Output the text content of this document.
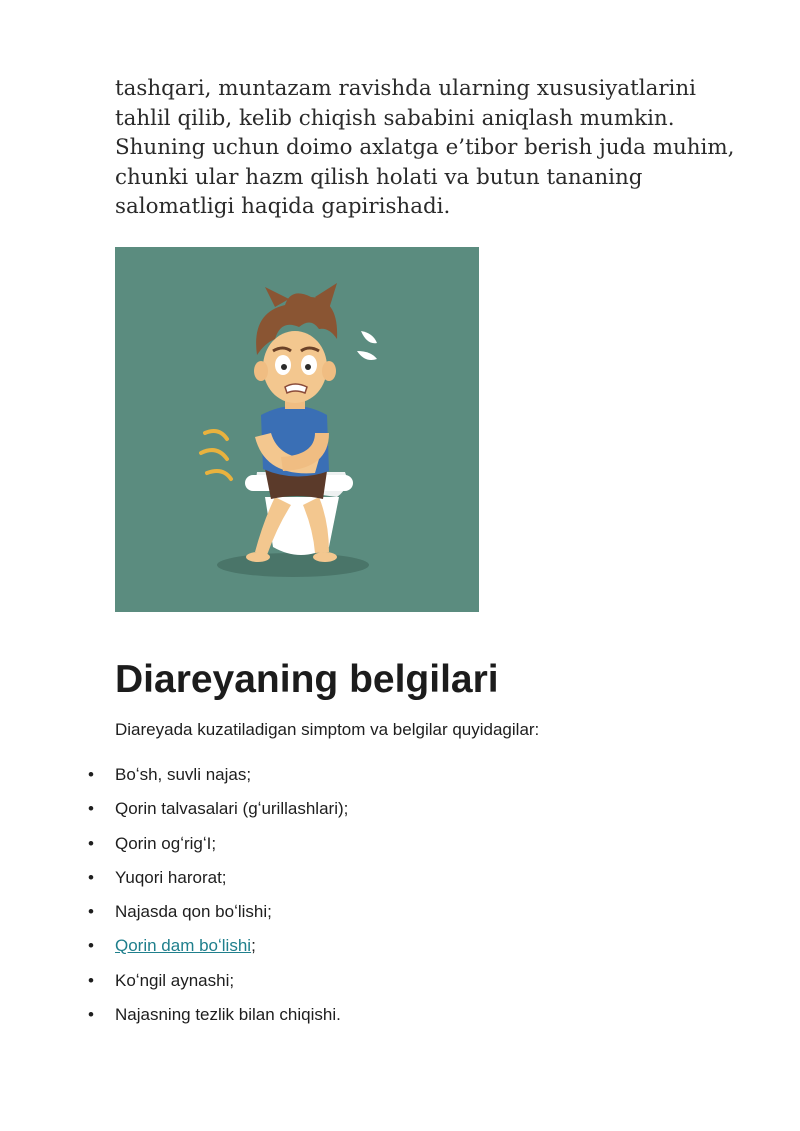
tashqari, muntazam ravishda ularning xususiyatlarini tahlil qilib, kelib chiqish sababini aniqlash mumkin. Shuning uchun doimo axlatga e’tibor berish juda muhim, chunki ular hazm qilish holati va butun tananing salomatligi haqida gapirishadi.

Diareyaning belgilari

Diareyada kuzatiladigan simptom va belgilar quyidagilar:

• Boʻsh, suvli najas;
• Qorin talvasalari (gʻurillashlari);
• Qorin ogʻrigʻI;
• Yuqori harorat;
• Najasda qon boʻlishi;
• Qorin dam boʻlishi;
• Koʻngil aynashi;
• Najasning tezlik bilan chiqishi.
